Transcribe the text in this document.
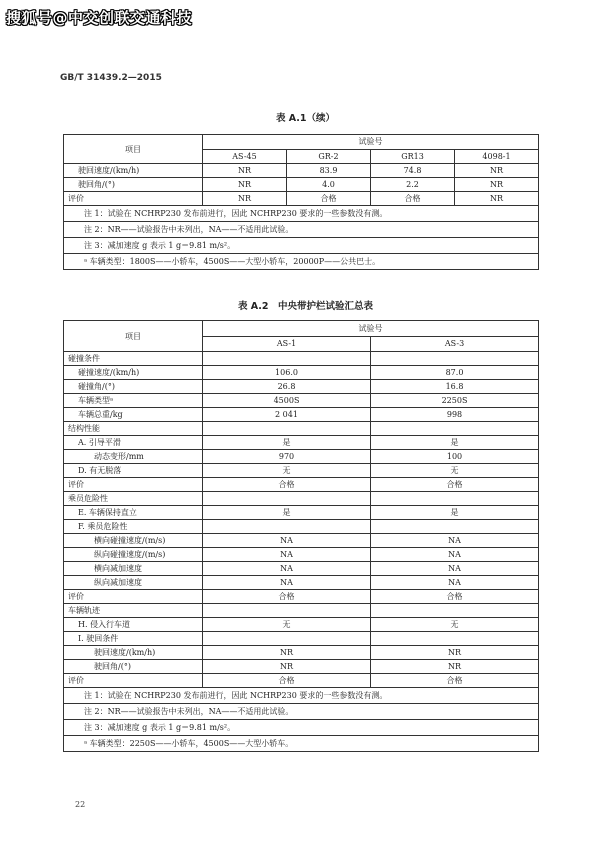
搜狐号@中交创联交通科技
GB/T 31439.2—2015
表 A.1（续）
项目	试验号			
	AS-45	GR-2	GR13	4098-1
驶回速度/(km/h)	NR	83.9	74.8	NR
驶回角/(°)	NR	4.0	2.2	NR
评价	NR	合格	合格	NR
注 1：试验在 NCHRP230 发布前进行，因此 NCHRP230 要求的一些参数没有测。				
注 2：NR——试验报告中未列出，NA——不适用此试验。				
注 3：减加速度 g 表示 1 g＝9.81 m/s²。				
ᵃ 车辆类型：1800S——小轿车，4500S——大型小轿车，20000P——公共巴士。				
表 A.2　中央带护栏试验汇总表
项目	试验号	
	AS-1	AS-3
碰撞条件		
碰撞速度/(km/h)	106.0	87.0
碰撞角/(°)	26.8	16.8
车辆类型ᵃ	4500S	2250S
车辆总重/kg	2 041	998
结构性能		
A. 引导平滑	是	是
动态变形/mm	970	100
D. 有无脱落	无	无
评价	合格	合格
乘员危险性		
E. 车辆保持直立	是	是
F. 乘员危险性		
横向碰撞速度/(m/s)	NA	NA
纵向碰撞速度/(m/s)	NA	NA
横向减加速度	NA	NA
纵向减加速度	NA	NA
评价	合格	合格
车辆轨迹		
H. 侵入行车道	无	无
I. 驶回条件		
驶回速度/(km/h)	NR	NR
驶回角/(°)	NR	NR
评价	合格	合格
注 1：试验在 NCHRP230 发布前进行，因此 NCHRP230 要求的一些参数没有测。		
注 2：NR——试验报告中未列出，NA——不适用此试验。		
注 3：减加速度 g 表示 1 g＝9.81 m/s²。		
ᵃ 车辆类型：2250S——小轿车，4500S——大型小轿车。		
22
